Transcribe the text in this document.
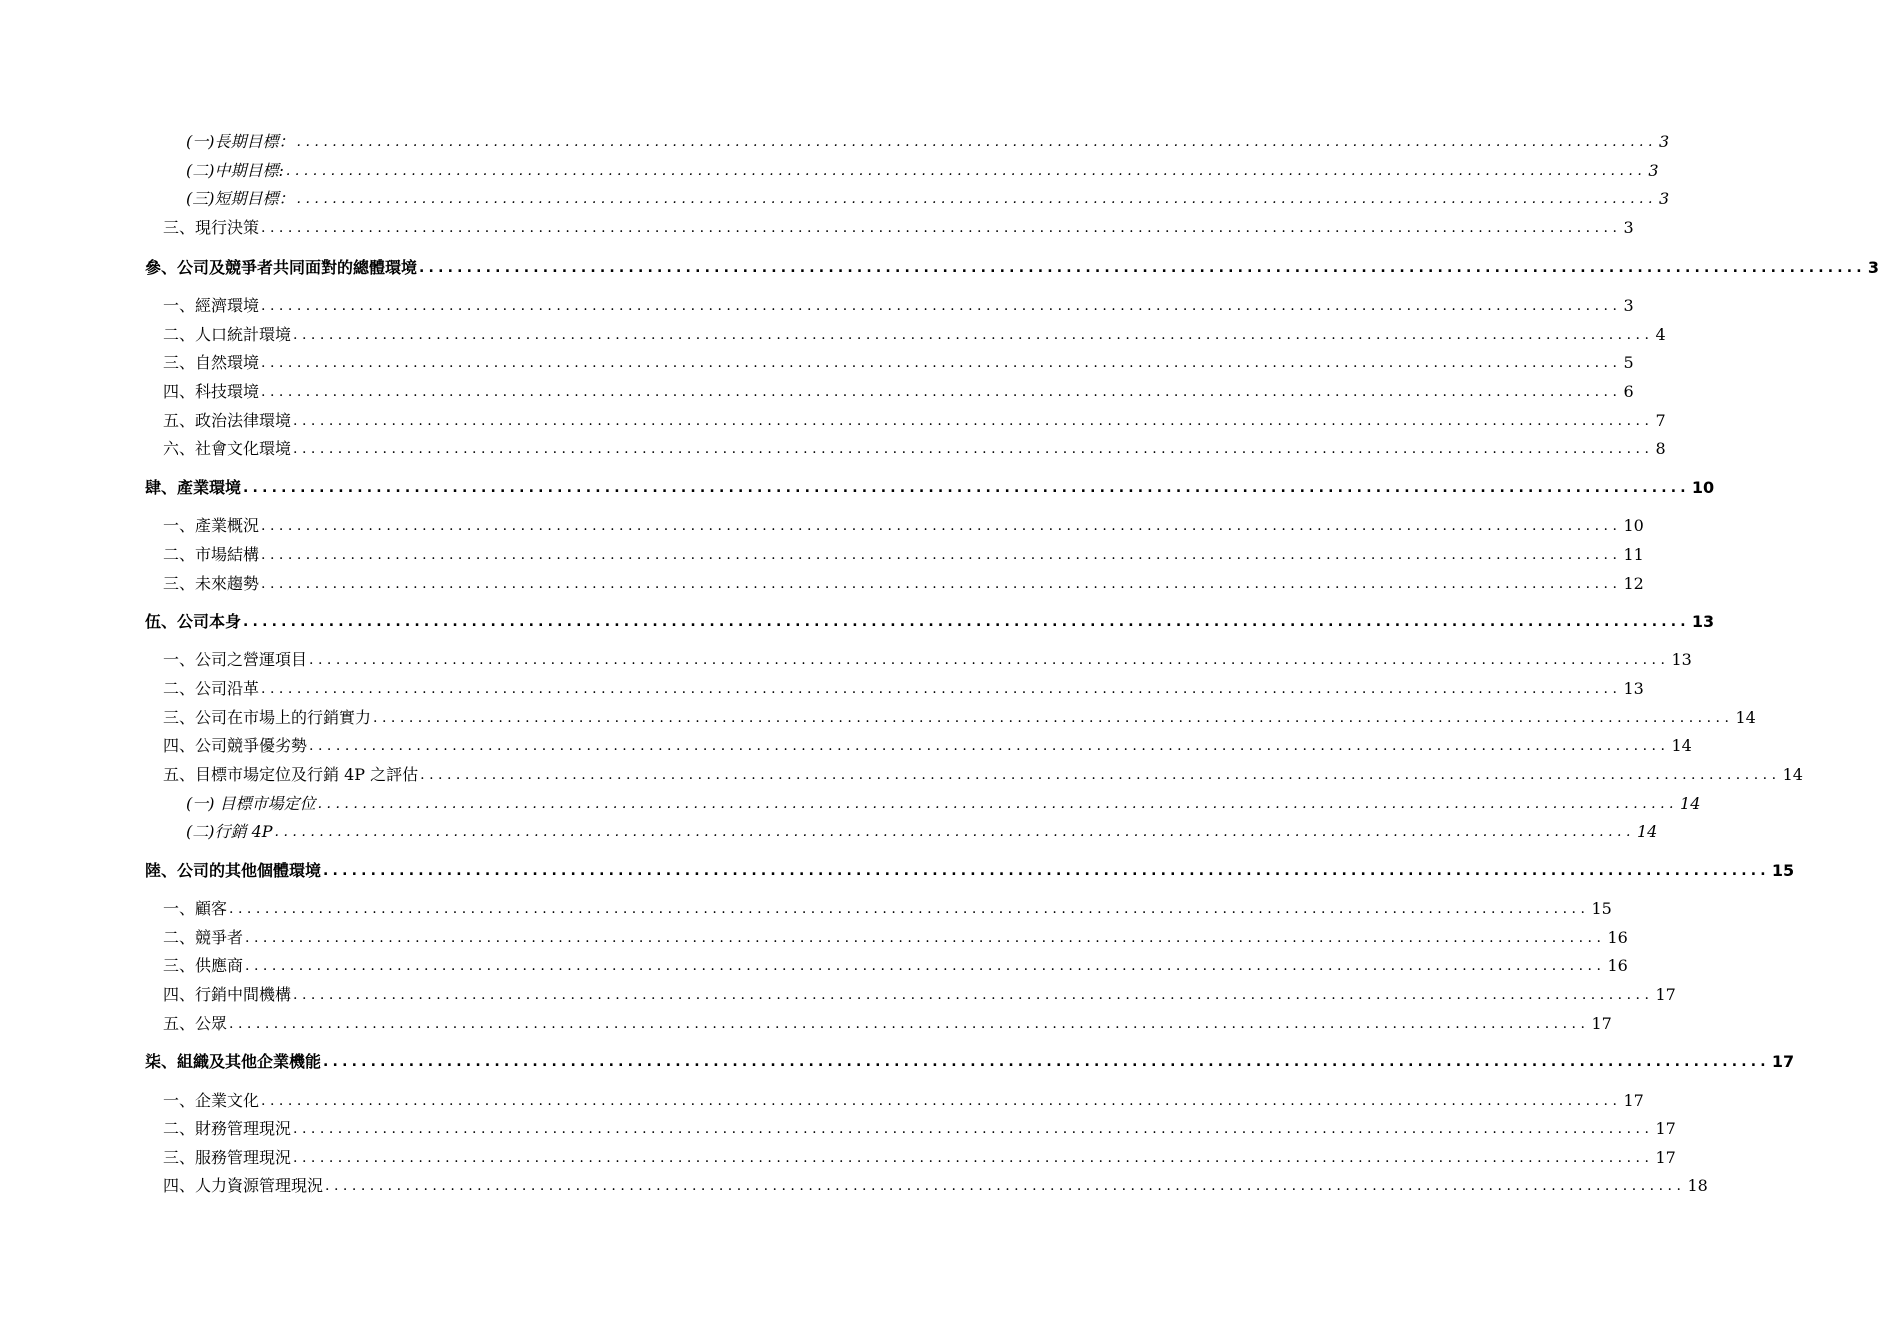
(一)長期目標： ........................................................................................................................................................ 3
(二)中期目標: ........................................................................................................................................................ 3
(三)短期目標： ........................................................................................................................................................ 3
三、現行決策 ........................................................................................................................................................ 3
參、 公司及競爭者共同面對的總體環境 ........................................................................................................................................................ 3
一、經濟環境 ........................................................................................................................................................ 3
二、人口統計環境 ........................................................................................................................................................ 4
三、自然環境 ........................................................................................................................................................ 5
四、科技環境 ........................................................................................................................................................ 6
五、政治法律環境 ........................................................................................................................................................ 7
六、社會文化環境 ........................................................................................................................................................ 8
肆、 產業環境 ........................................................................................................................................................ 10
一、產業概況 ........................................................................................................................................................ 10
二、市場結構 ........................................................................................................................................................ 11
三、未來趨勢 ........................................................................................................................................................ 12
伍、 公司本身 ........................................................................................................................................................ 13
一、公司之營運項目 ........................................................................................................................................................ 13
二、公司沿革 ........................................................................................................................................................ 13
三、公司在市場上的行銷實力 ........................................................................................................................................................ 14
四、公司競爭優劣勢 ........................................................................................................................................................ 14
五、目標市場定位及行銷 4P 之評估 ........................................................................................................................................................ 14
(一) 目標市場定位 ........................................................................................................................................................ 14
(二)行銷 4P ........................................................................................................................................................ 14
陸、 公司的其他個體環境 ........................................................................................................................................................ 15
一、顧客 ........................................................................................................................................................ 15
二、競爭者 ........................................................................................................................................................ 16
三、供應商 ........................................................................................................................................................ 16
四、行銷中間機構 ........................................................................................................................................................ 17
五、公眾 ........................................................................................................................................................ 17
柒、 組織及其他企業機能 ........................................................................................................................................................ 17
一、企業文化 ........................................................................................................................................................ 17
二、財務管理現況 ........................................................................................................................................................ 17
三、服務管理現況 ........................................................................................................................................................ 17
四、人力資源管理現況 ........................................................................................................................................................ 18
